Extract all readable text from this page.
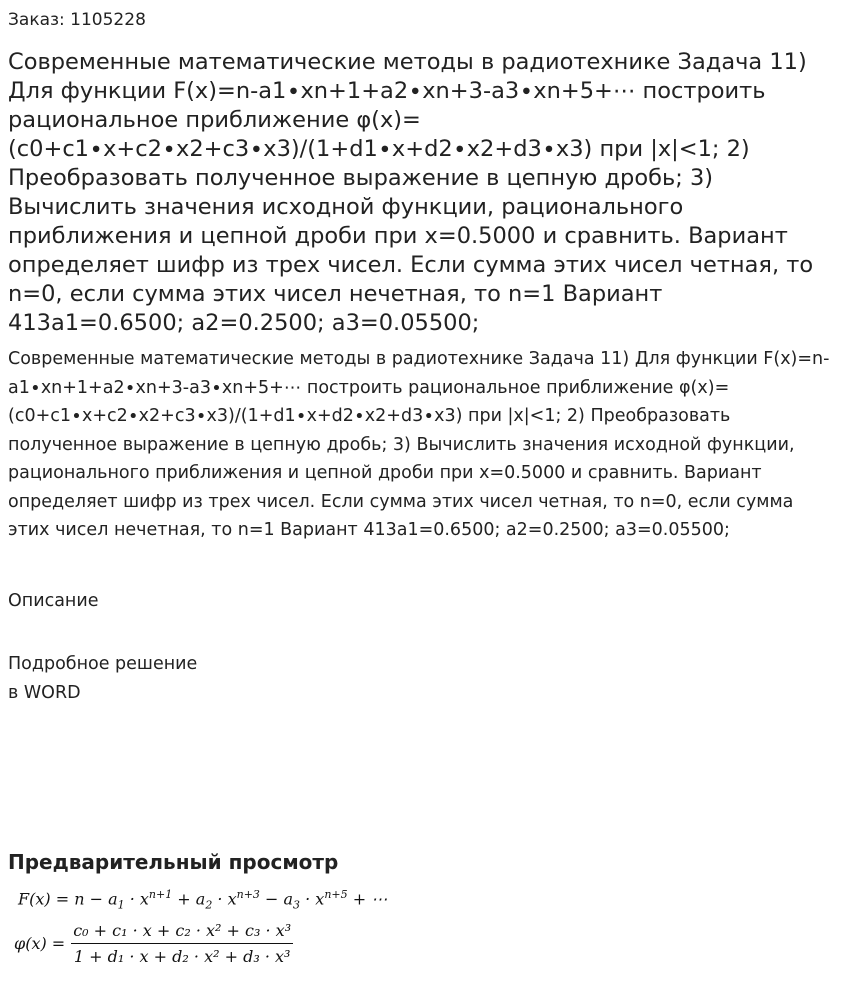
Заказ: 1105228
Современные математические методы в радиотехнике Задача 11) Для функции F(x)=n-a1∙xn+1+a2∙xn+3-a3∙xn+5+⋯ построить рациональное приближение φ(x)=(c0+c1∙x+c2∙x2+c3∙x3)/(1+d1∙x+d2∙x2+d3∙x3) при |x|<1; 2) Преобразовать полученное выражение в цепную дробь; 3) Вычислить значения исходной функции, рационального приближения и цепной дроби при x=0.5000 и сравнить. Вариант определяет шифр из трех чисел. Если сумма этих чисел четная, то n=0, если сумма этих чисел нечетная, то n=1 Вариант 413a1=0.6500; a2=0.2500; a3=0.05500;

Современные математические методы в радиотехнике Задача 11) Для функции F(x)=n-a1∙xn+1+a2∙xn+3-a3∙xn+5+⋯ построить рациональное приближение φ(x)=(c0+c1∙x+c2∙x2+c3∙x3)/(1+d1∙x+d2∙x2+d3∙x3) при |x|<1; 2) Преобразовать полученное выражение в цепную дробь; 3) Вычислить значения исходной функции, рационального приближения и цепной дроби при x=0.5000 и сравнить. Вариант определяет шифр из трех чисел. Если сумма этих чисел четная, то n=0, если сумма этих чисел нечетная, то n=1 Вариант 413a1=0.6500; a2=0.2500; a3=0.05500;

Описание
Подробное решение
в WORD
Предварительный просмотр
$F(x) = n - a_1 \cdot x^{n+1} + a_2 \cdot x^{n+3} - a_3 \cdot x^{n+5}$ + ⋯
$\varphi(x) = \frac{\text{c₀ + c₁ · x + c₂ · x² + c₃ · x³}}{\text{1 + d₁ · x + d₂ · x² + d₃ · x³}}$
